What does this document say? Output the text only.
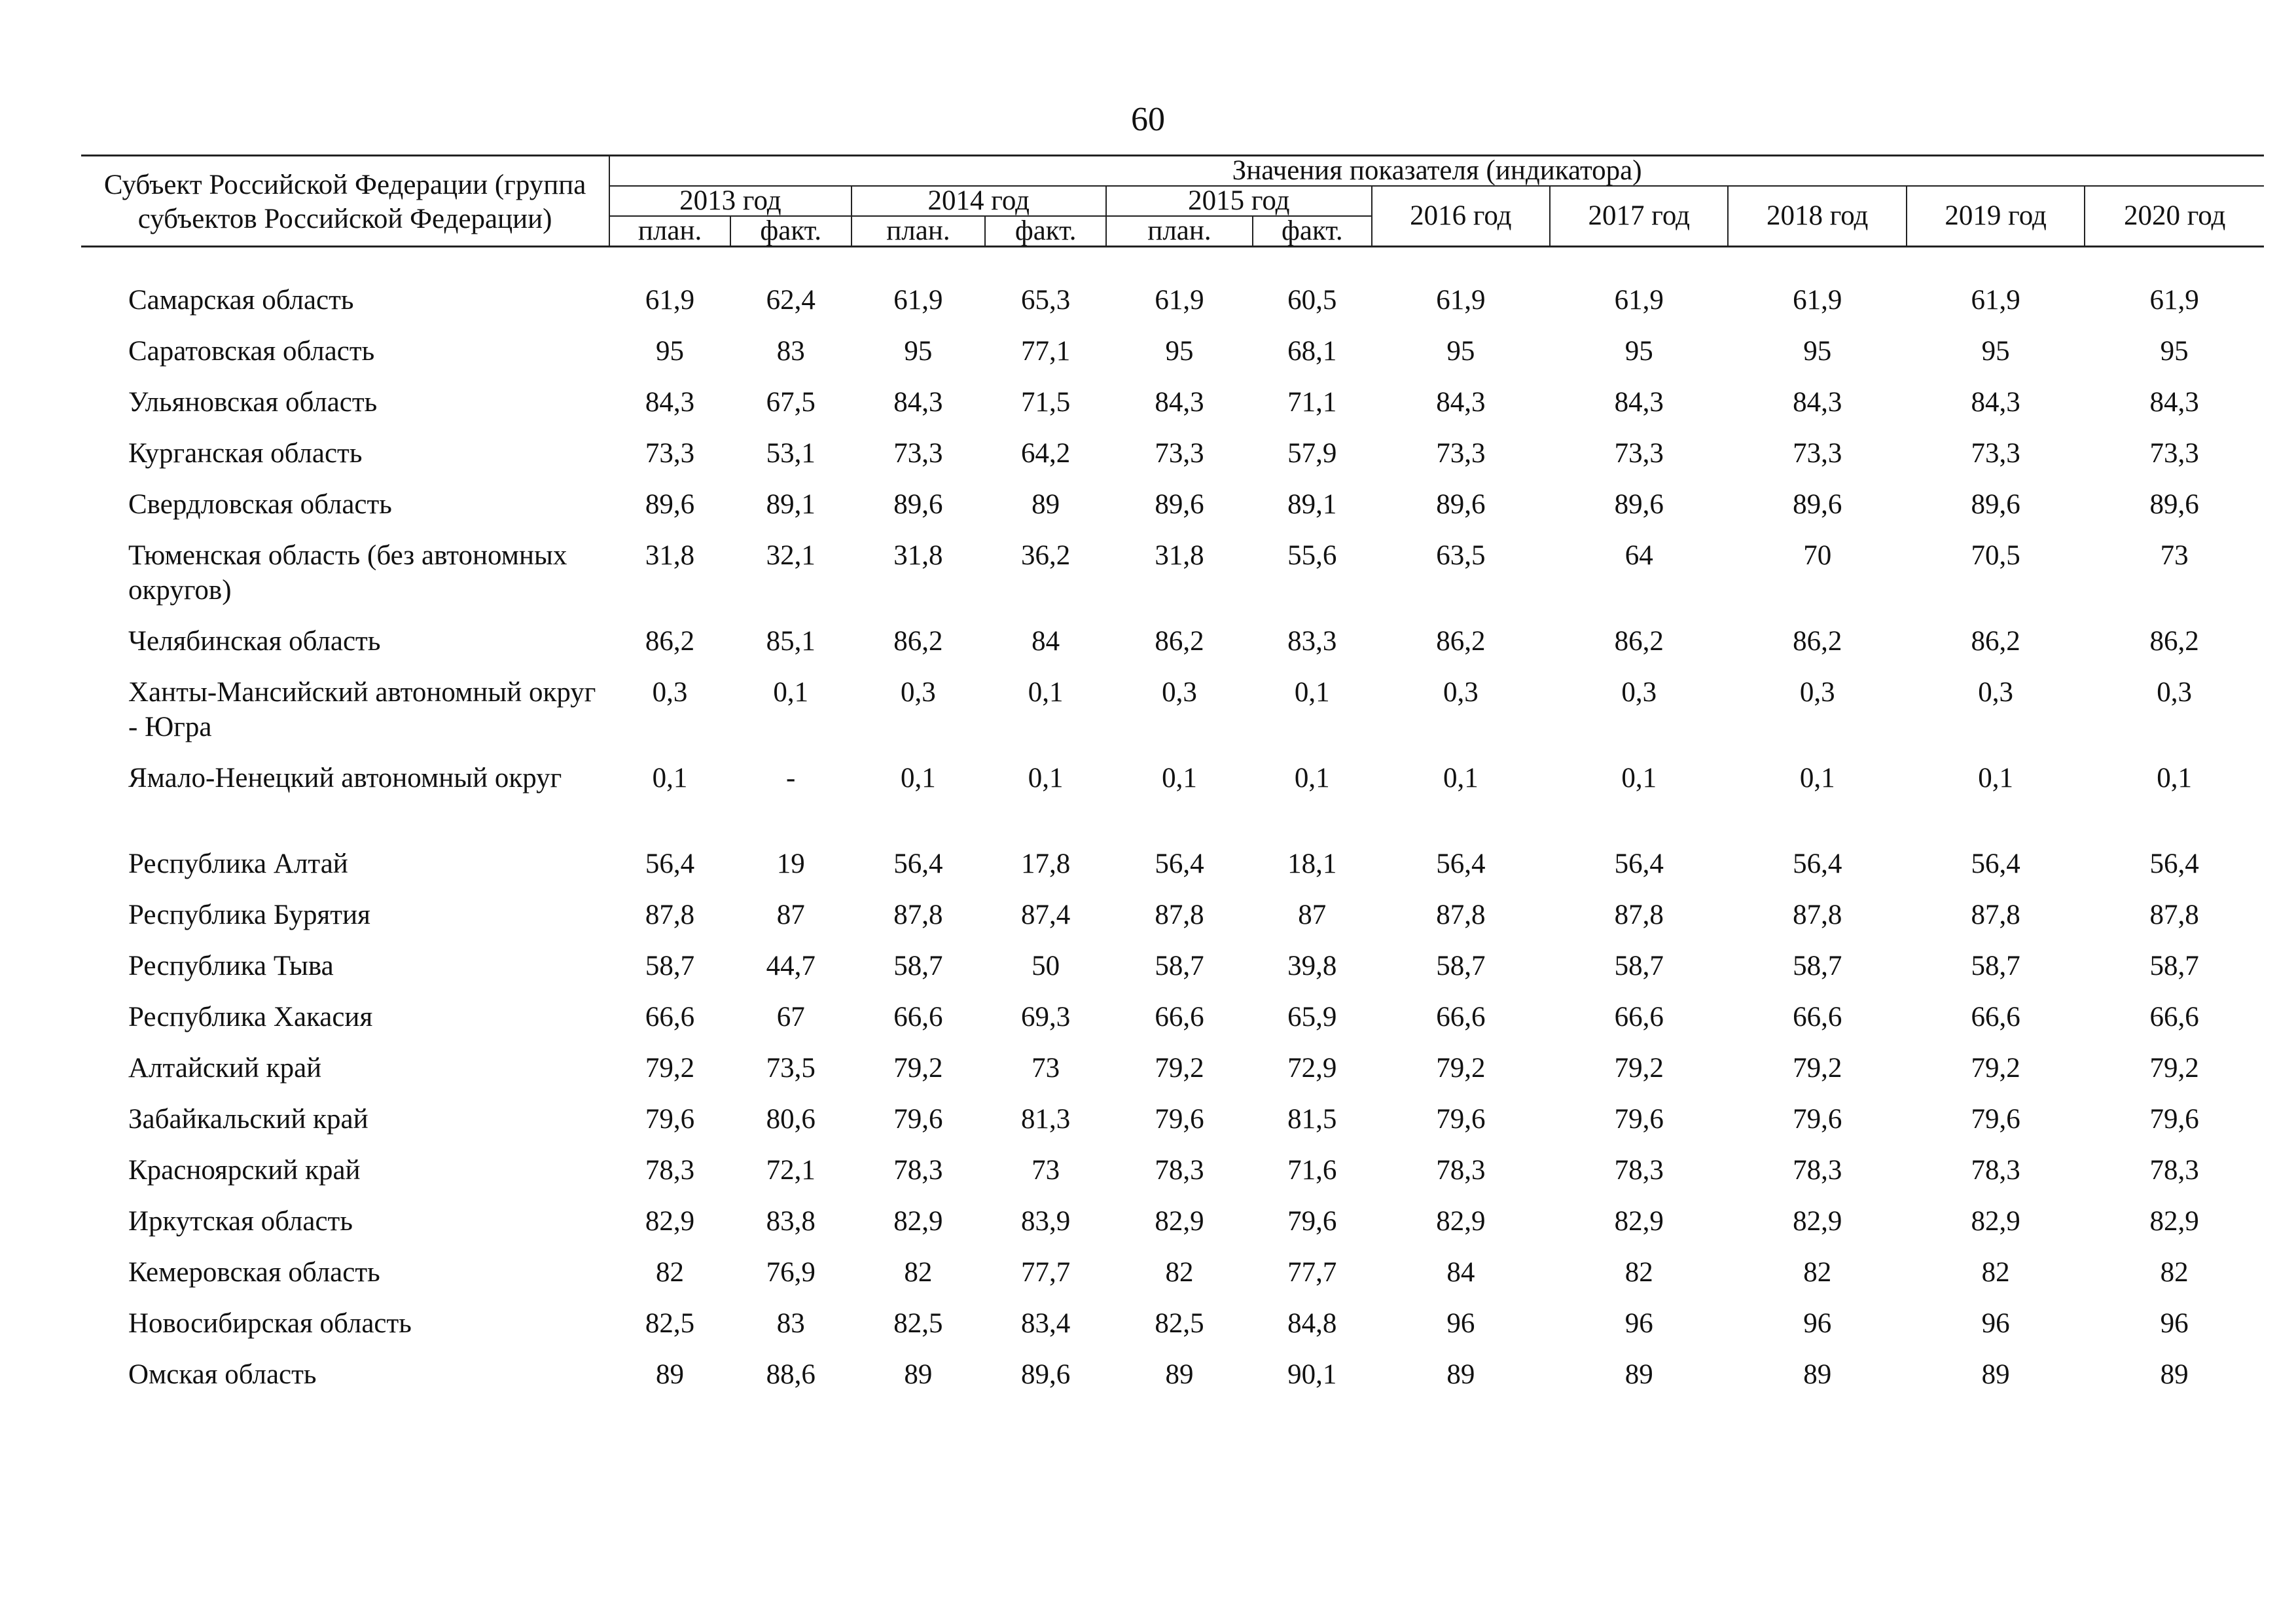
60
Субъект Российской Федерации (группа субъектов Российской Федерации)	Значения показателя (индикатора)										
	2013 год		2014 год		2015 год		2016 год	2017 год	2018 год	2019 год	2020 год
	план.	факт.	план.	факт.	план.	факт.					

Самарская область	61,9	62,4	61,9	65,3	61,9	60,5	61,9	61,9	61,9	61,9	61,9
Саратовская область	95	83	95	77,1	95	68,1	95	95	95	95	95
Ульяновская область	84,3	67,5	84,3	71,5	84,3	71,1	84,3	84,3	84,3	84,3	84,3
Курганская область	73,3	53,1	73,3	64,2	73,3	57,9	73,3	73,3	73,3	73,3	73,3
Свердловская область	89,6	89,1	89,6	89	89,6	89,1	89,6	89,6	89,6	89,6	89,6
Тюменская область (без автономных округов)	31,8	32,1	31,8	36,2	31,8	55,6	63,5	64	70	70,5	73
Челябинская область	86,2	85,1	86,2	84	86,2	83,3	86,2	86,2	86,2	86,2	86,2
Ханты-Мансийский автономный округ - Югра	0,3	0,1	0,3	0,1	0,3	0,1	0,3	0,3	0,3	0,3	0,3
Ямало-Ненецкий автономный округ	0,1	-	0,1	0,1	0,1	0,1	0,1	0,1	0,1	0,1	0,1
Республика Алтай	56,4	19	56,4	17,8	56,4	18,1	56,4	56,4	56,4	56,4	56,4
Республика Бурятия	87,8	87	87,8	87,4	87,8	87	87,8	87,8	87,8	87,8	87,8
Республика Тыва	58,7	44,7	58,7	50	58,7	39,8	58,7	58,7	58,7	58,7	58,7
Республика Хакасия	66,6	67	66,6	69,3	66,6	65,9	66,6	66,6	66,6	66,6	66,6
Алтайский край	79,2	73,5	79,2	73	79,2	72,9	79,2	79,2	79,2	79,2	79,2
Забайкальский край	79,6	80,6	79,6	81,3	79,6	81,5	79,6	79,6	79,6	79,6	79,6
Красноярский край	78,3	72,1	78,3	73	78,3	71,6	78,3	78,3	78,3	78,3	78,3
Иркутская область	82,9	83,8	82,9	83,9	82,9	79,6	82,9	82,9	82,9	82,9	82,9
Кемеровская область	82	76,9	82	77,7	82	77,7	84	82	82	82	82
Новосибирская область	82,5	83	82,5	83,4	82,5	84,8	96	96	96	96	96
Омская область	89	88,6	89	89,6	89	90,1	89	89	89	89	89
